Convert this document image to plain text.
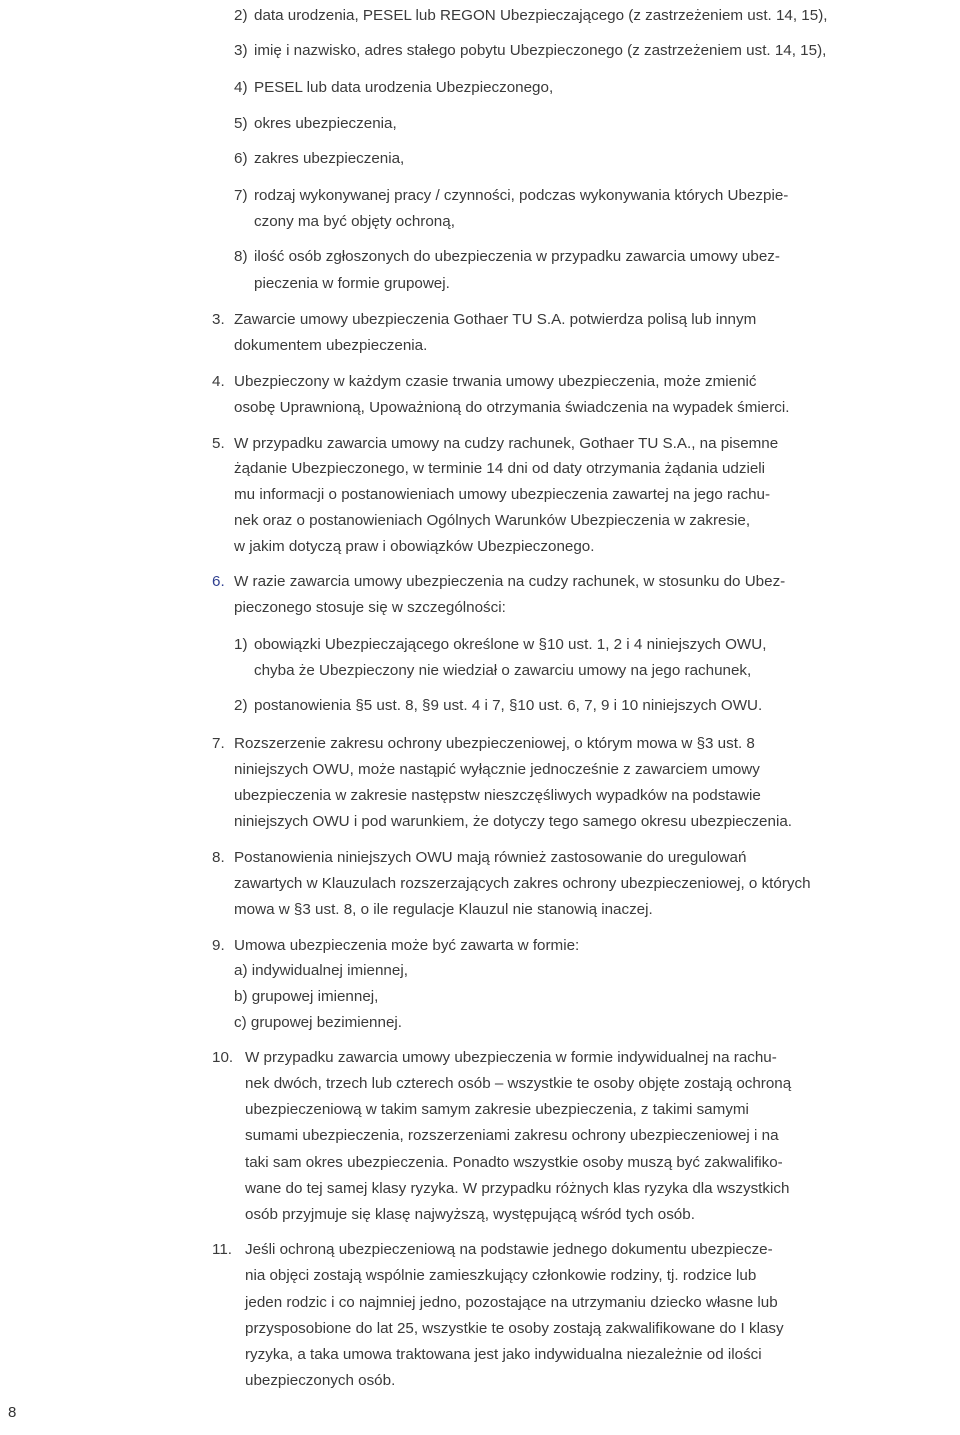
2) data urodzenia, PESEL lub REGON Ubezpieczającego (z zastrzeżeniem ust. 14, 15),
3) imię i nazwisko, adres stałego pobytu Ubezpieczonego (z zastrzeżeniem ust. 14, 15),
4) PESEL lub data urodzenia Ubezpieczonego,
5) okres ubezpieczenia,
6) zakres ubezpieczenia,
7) rodzaj wykonywanej pracy / czynności, podczas wykonywania których Ubezpie-
czony ma być objęty ochroną,
8) ilość osób zgłoszonych do ubezpieczenia w przypadku zawarcia umowy ubez-
pieczenia w formie grupowej.
3. Zawarcie umowy ubezpieczenia Gothaer TU S.A. potwierdza polisą lub innym
dokumentem ubezpieczenia.
4. Ubezpieczony w każdym czasie trwania umowy ubezpieczenia, może zmienić
osobę Uprawnioną, Upoważnioną do otrzymania świadczenia na wypadek śmierci.
5. W przypadku zawarcia umowy na cudzy rachunek, Gothaer TU S.A., na pisemne
żądanie Ubezpieczonego, w terminie 14 dni od daty otrzymania żądania udzieli
mu informacji o postanowieniach umowy ubezpieczenia zawartej na jego rachu-
nek oraz o postanowieniach Ogólnych Warunków Ubezpieczenia w zakresie,
w jakim dotyczą praw i obowiązków Ubezpieczonego.
6. W razie zawarcia umowy ubezpieczenia na cudzy rachunek, w stosunku do Ubez-
pieczonego stosuje się w szczególności:
1) obowiązki Ubezpieczającego określone w §10 ust. 1, 2 i 4 niniejszych OWU,
chyba że Ubezpieczony nie wiedział o zawarciu umowy na jego rachunek,
2) postanowienia §5 ust. 8, §9 ust. 4 i 7, §10 ust. 6, 7, 9 i 10 niniejszych OWU.
7. Rozszerzenie zakresu ochrony ubezpieczeniowej, o którym mowa w §3 ust. 8
niniejszych OWU, może nastąpić wyłącznie jednocześnie z zawarciem umowy
ubezpieczenia w zakresie następstw nieszczęśliwych wypadków na podstawie
niniejszych OWU i pod warunkiem, że dotyczy tego samego okresu ubezpieczenia.
8. Postanowienia niniejszych OWU mają również zastosowanie do uregulowań
zawartych w Klauzulach rozszerzających zakres ochrony ubezpieczeniowej, o których
mowa w §3 ust. 8, o ile regulacje Klauzul nie stanowią inaczej.
9. Umowa ubezpieczenia może być zawarta w formie:
a) indywidualnej imiennej,
b) grupowej imiennej,
c) grupowej bezimiennej.
10. W przypadku zawarcia umowy ubezpieczenia w formie indywidualnej na rachu-
nek dwóch, trzech lub czterech osób – wszystkie te osoby objęte zostają ochroną
ubezpieczeniową w takim samym zakresie ubezpieczenia, z takimi samymi
sumami ubezpieczenia, rozszerzeniami zakresu ochrony ubezpieczeniowej i na
taki sam okres ubezpieczenia. Ponadto wszystkie osoby muszą być zakwalifiko-
wane do tej samej klasy ryzyka. W przypadku różnych klas ryzyka dla wszystkich
osób przyjmuje się klasę najwyższą, występującą wśród tych osób.
11. Jeśli ochroną ubezpieczeniową na podstawie jednego dokumentu ubezpiecze-
nia objęci zostają wspólnie zamieszkujący członkowie rodziny, tj. rodzice lub
jeden rodzic i co najmniej jedno, pozostające na utrzymaniu dziecko własne lub
przysposobione do lat 25, wszystkie te osoby zostają zakwalifikowane do I klasy
ryzyka, a taka umowa traktowana jest jako indywidualna niezależnie od ilości
ubezpieczonych osób.
8
